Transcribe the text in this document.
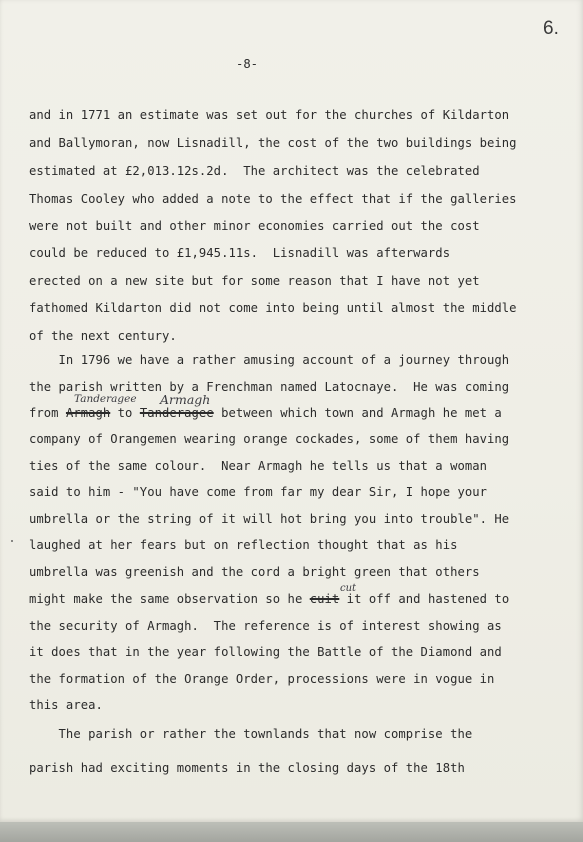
6.
-8-
and in 1771 an estimate was set out for the churches of Kildarton
and Ballymoran, now Lisnadill, the cost of the two buildings being
estimated at £2,013.12s.2d.  The architect was the celebrated
Thomas Cooley who added a note to the effect that if the galleries
were not built and other minor economies carried out the cost
could be reduced to £1,945.11s.  Lisnadill was afterwards
erected on a new site but for some reason that I have not yet
fathomed Kildarton did not come into being until almost the middle
of the next century.
In 1796 we have a rather amusing account of a journey through
the parish written by a Frenchman named Latocnaye.  He was coming
from Armagh to Tanderagee between which town and Armagh he met a
company of Orangemen wearing orange cockades, some of them having
ties of the same colour.  Near Armagh he tells us that a woman
said to him - "You have come from far my dear Sir, I hope your
umbrella or the string of it will hot bring you into trouble". He
laughed at her fears but on reflection thought that as his
umbrella was greenish and the cord a bright green that others
might make the same observation so he cuit it off and hastened to
the security of Armagh.  The reference is of interest showing as
it does that in the year following the Battle of the Diamond and
the formation of the Orange Order, processions were in vogue in
this area.
The parish or rather the townlands that now comprise the
parish had exciting moments in the closing days of the 18th
Tanderagee Armagh
cut
